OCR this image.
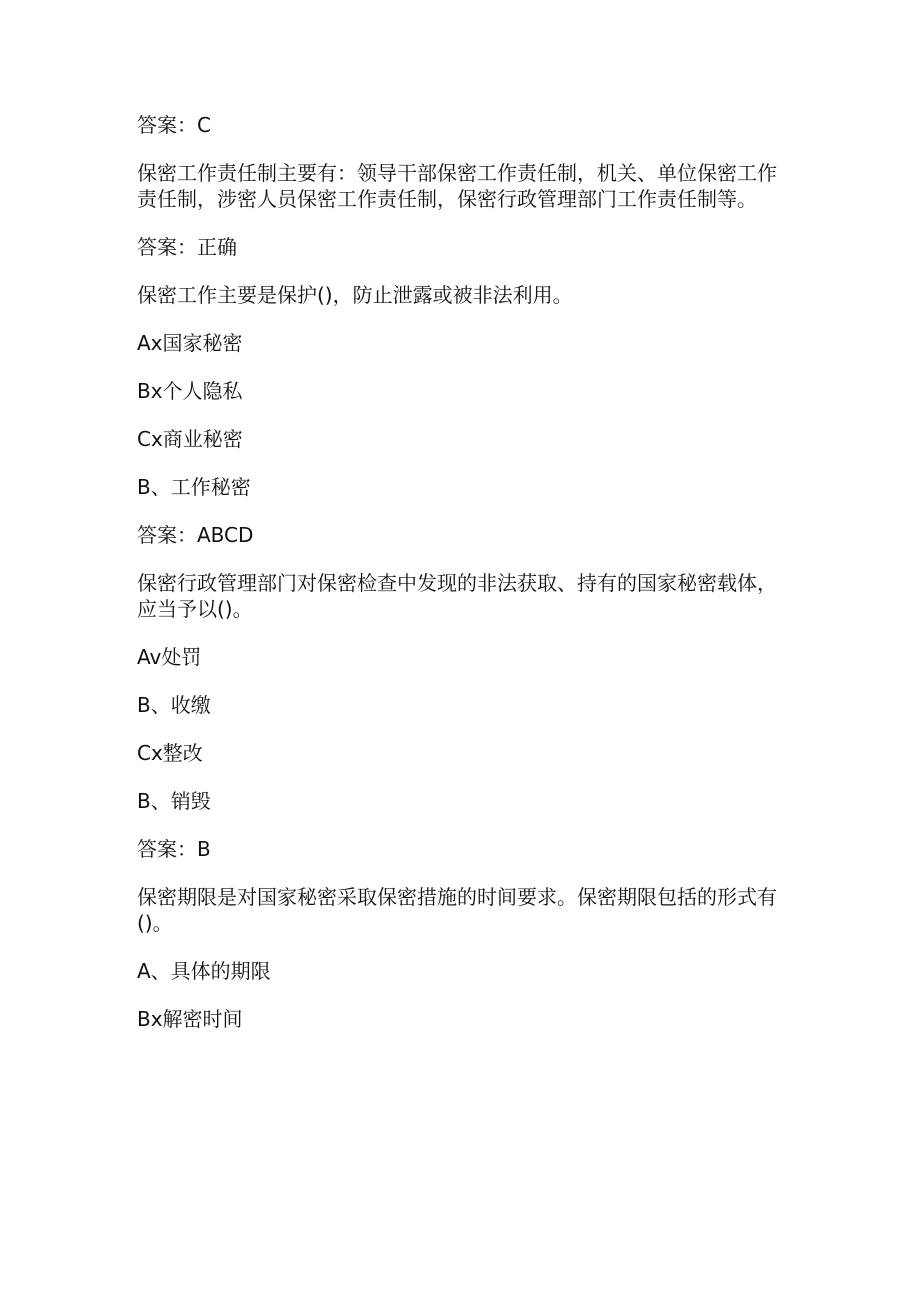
答案：C

保密工作责任制主要有：领导干部保密工作责任制，机关、单位保密工作责任制，涉密人员保密工作责任制，保密行政管理部门工作责任制等。

答案：正确

保密工作主要是保护()，防止泄露或被非法利用。

Ax国家秘密

Bx个人隐私

Cx商业秘密

B、工作秘密

答案：ABCD

保密行政管理部门对保密检查中发现的非法获取、持有的国家秘密载体，应当予以()。

Av处罚

B、收缴

Cx整改

B、销毁

答案：B

保密期限是对国家秘密采取保密措施的时间要求。保密期限包括的形式有()。

A、具体的期限

Bx解密时间
